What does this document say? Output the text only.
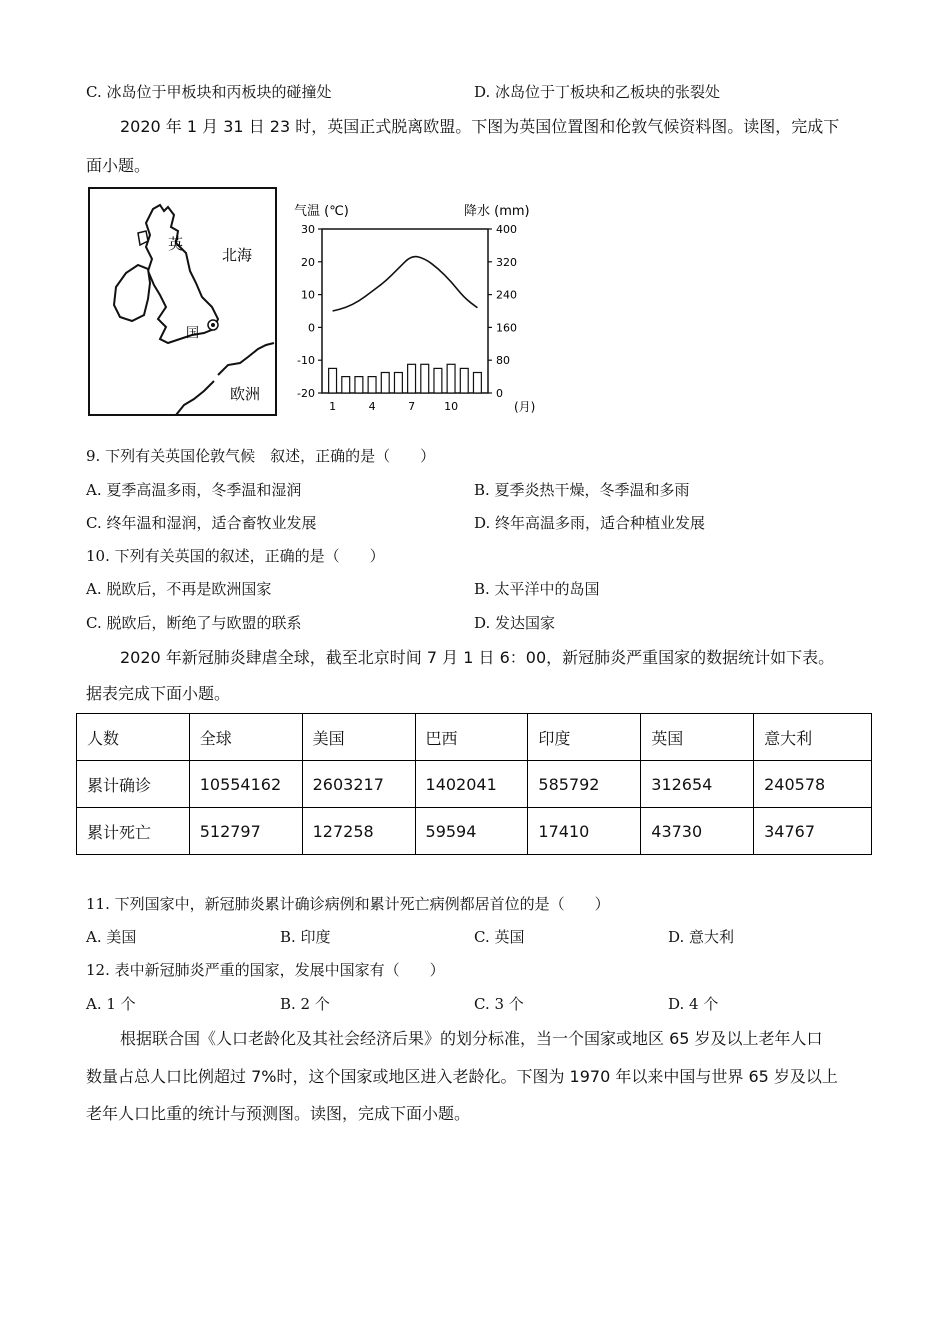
C. 冰岛位于甲板块和丙板块的碰撞处	D. 冰岛位于丁板块和乙板块的张裂处
2020 年 1 月 31 日 23 时，英国正式脱离欧盟。下图为英国位置图和伦敦气候资料图。读图，完成下
面小题。
英
国
北海
欧洲
气温 (℃)	降水 (mm)
30
20
10
0
-10
-20
400
320
240
160
80
0
1	4	7	10	(月)
9. 下列有关英国伦敦气候　叙述，正确的是（　　）
A. 夏季高温多雨，冬季温和湿润	B. 夏季炎热干燥，冬季温和多雨
C. 终年温和湿润，适合畜牧业发展	D. 终年高温多雨，适合种植业发展
10. 下列有关英国的叙述，正确的是（　　）
A. 脱欧后，不再是欧洲国家	B. 太平洋中的岛国
C. 脱欧后，断绝了与欧盟的联系	D. 发达国家
2020 年新冠肺炎肆虐全球，截至北京时间 7 月 1 日 6：00，新冠肺炎严重国家的数据统计如下表。
据表完成下面小题。
人数	全球	美国	巴西	印度	英国	意大利
累计确诊	10554162	2603217	1402041	585792	312654	240578
累计死亡	512797	127258	59594	17410	43730	34767
11. 下列国家中，新冠肺炎累计确诊病例和累计死亡病例都居首位的是（　　）
A. 美国	B. 印度	C. 英国	D. 意大利
12. 表中新冠肺炎严重的国家，发展中国家有（　　）
A. 1 个	B. 2 个	C. 3 个	D. 4 个
根据联合国《人口老龄化及其社会经济后果》的划分标准，当一个国家或地区 65 岁及以上老年人口
数量占总人口比例超过 7%时，这个国家或地区进入老龄化。下图为 1970 年以来中国与世界 65 岁及以上
老年人口比重的统计与预测图。读图，完成下面小题。
